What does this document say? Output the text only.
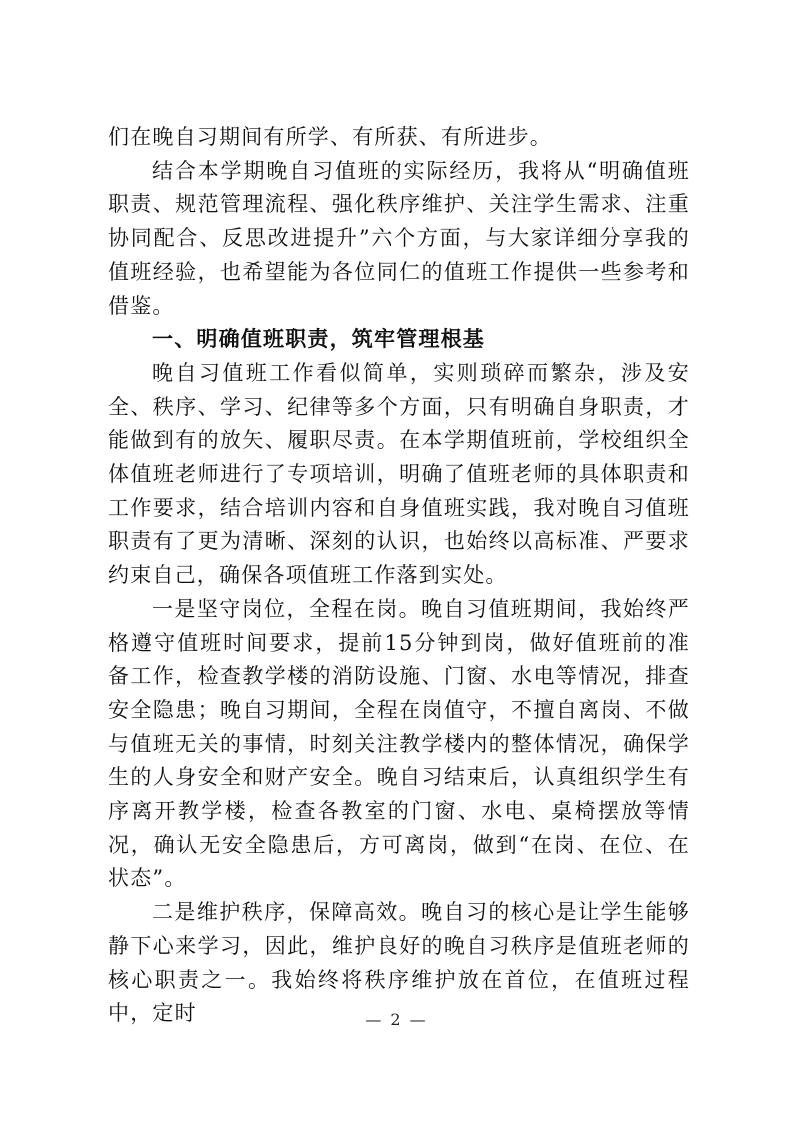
们在晚自习期间有所学、有所获、有所进步。

结合本学期晚自习值班的实际经历，我将从“明确值班职责、规范管理流程、强化秩序维护、关注学生需求、注重协同配合、反思改进提升”六个方面，与大家详细分享我的值班经验，也希望能为各位同仁的值班工作提供一些参考和借鉴。

一、明确值班职责，筑牢管理根基

晚自习值班工作看似简单，实则琐碎而繁杂，涉及安全、秩序、学习、纪律等多个方面，只有明确自身职责，才能做到有的放矢、履职尽责。在本学期值班前，学校组织全体值班老师进行了专项培训，明确了值班老师的具体职责和工作要求，结合培训内容和自身值班实践，我对晚自习值班职责有了更为清晰、深刻的认识，也始终以高标准、严要求约束自己，确保各项值班工作落到实处。

一是坚守岗位，全程在岗。晚自习值班期间，我始终严格遵守值班时间要求，提前15分钟到岗，做好值班前的准备工作，检查教学楼的消防设施、门窗、水电等情况，排查安全隐患；晚自习期间，全程在岗值守，不擅自离岗、不做与值班无关的事情，时刻关注教学楼内的整体情况，确保学生的人身安全和财产安全。晚自习结束后，认真组织学生有序离开教学楼，检查各教室的门窗、水电、桌椅摆放等情况，确认无安全隐患后，方可离岗，做到“在岗、在位、在状态”。

二是维护秩序，保障高效。晚自习的核心是让学生能够静下心来学习，因此，维护良好的晚自习秩序是值班老师的核心职责之一。我始终将秩序维护放在首位，在值班过程中，定时	— 2 —
